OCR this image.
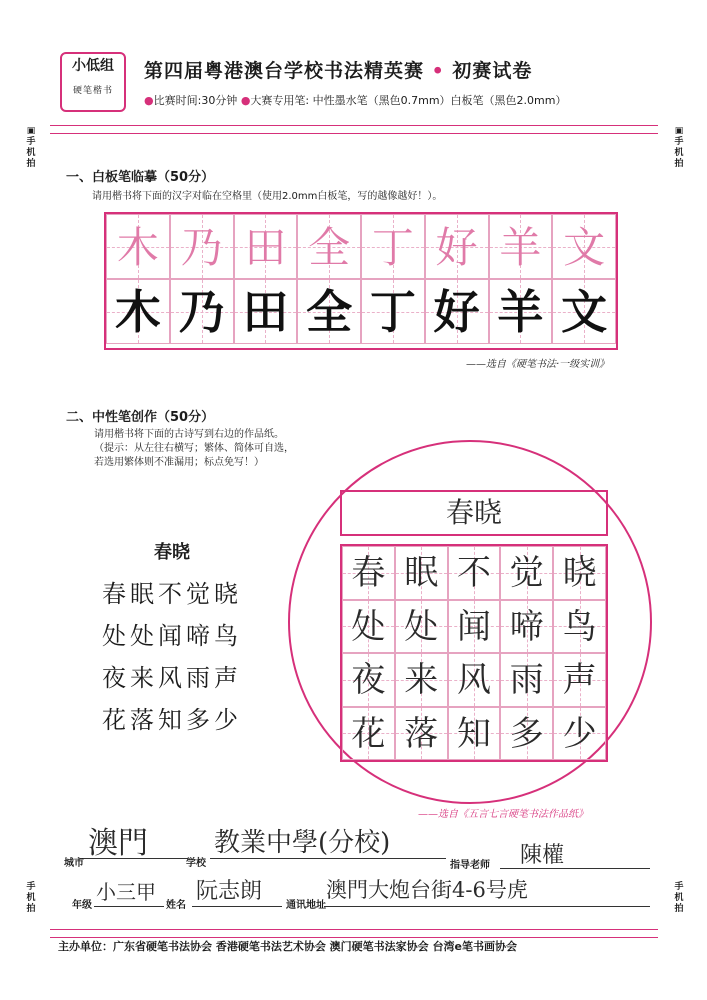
小低组
硬笔楷书
第四届粤港澳台学校书法精英赛 • 初赛试卷
●比赛时间:30分钟 ●大赛专用笔: 中性墨水笔（黑色0.7mm）白板笔（黑色2.0mm）
▣
手机拍
▣
手机拍
手机拍
手机拍
一、白板笔临摹（50分）
请用楷书将下面的汉字对临在空格里（使用2.0mm白板笔，写的越像越好！）。
木 乃 田 全 丁 好 羊 文
木 乃 田 全 丁 好 羊 文
——选自《硬笔书法·一级实训》
二、中性笔创作（50分）
请用楷书将下面的古诗写到右边的作品纸。
（提示：从左往右横写；繁体、简体可自选，
若选用繁体则不准漏用；标点免写！）
春晓
春眠不觉晓
处处闻啼鸟
夜来风雨声
花落知多少
春晓
春 眠 不 觉 晓
处 处 闻 啼 鸟
夜 来 风 雨 声
花 落 知 多 少
——选自《五言七言硬笔书法作品纸》
澳門
城市
教業中學(分校)
学校	指导老师 陳權
年级
小三甲
姓名
阮志朗
通讯地址
澳門大炮台街4-6号虎
主办单位：广东省硬笔书法协会 香港硬笔书法艺术协会 澳门硬笔书法家协会 台湾e笔书画协会
